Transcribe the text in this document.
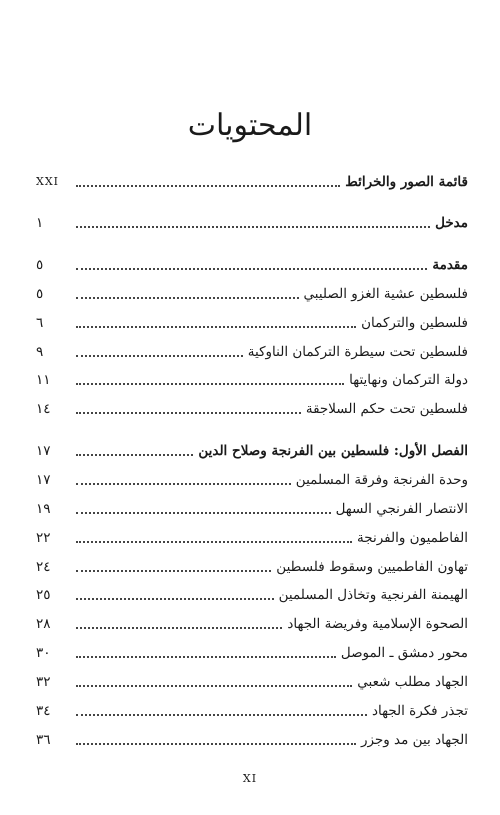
المحتويات
قائمة الصور والخرائط
XXI
مدخل
١
مقدمة
٥
فلسطين عشية الغزو الصليبي
٥
فلسطين والتركمان
٦
فلسطين تحت سيطرة التركمان الناوكية
٩
دولة التركمان ونهايتها
١١
فلسطين تحت حكم السلاجقة
١٤
الفصل الأول: فلسطين بين الفرنجة وصلاح الدين
١٧
وحدة الفرنجة وفرقة المسلمين
١٧
الانتصار الفرنجي السهل
١٩
الفاطميون والفرنجة
٢٢
تهاون الفاطميين وسقوط فلسطين
٢٤
الهيمنة الفرنجية وتخاذل المسلمين
٢٥
الصحوة الإسلامية وفريضة الجهاد
٢٨
محور دمشق ـ الموصل
٣٠
الجهاد مطلب شعبي
٣٢
تجذر فكرة الجهاد
٣٤
الجهاد بين مد وجزر
٣٦
XI
